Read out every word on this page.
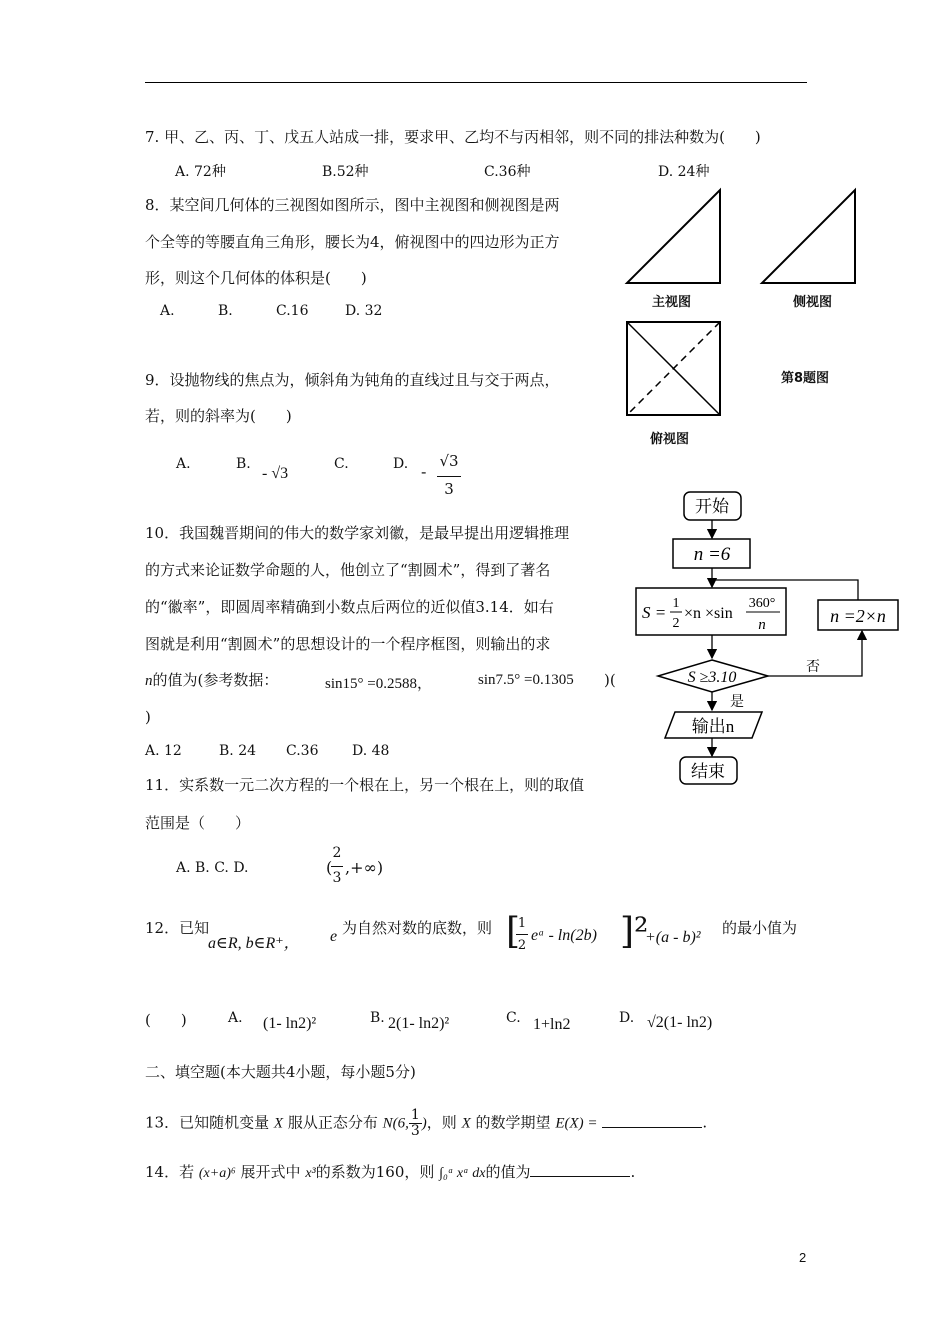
7. 甲、乙、丙、丁、戊五人站成一排，要求甲、乙均不与丙相邻，则不同的排法种数为(　　)
A. 72种	B.52种	C.36种	D. 24种
8．某空间几何体的三视图如图所示，图中主视图和侧视图是两
个全等的等腰直角三角形，腰长为4，俯视图中的四边形为正方
形，则这个几何体的体积是(　　)
A.	B.	C.16	D. 32
主视图	侧视图
第8题图
俯视图
9．设抛物线的焦点为，倾斜角为钝角的直线过且与交于两点，
若，则的斜率为(　　)
A.	B.
- √3
C.	D. -
√3
3
10．我国魏晋期间的伟大的数学家刘徽，是最早提出用逻辑推理
的方式来论证数学命题的人，他创立了“割圆术”，得到了著名
的“徽率”，即圆周率精确到小数点后两位的近似值3.14．如右
图就是利用“割圆术”的思想设计的一个程序框图，则输出的求
n的值为(参考数据：	sin15° =0.2588，	sin7.5° =0.1305 )(
)
A. 12	B. 24 C.36 D. 48
开始
n =6
S = 1
2
×n ×sin
360°
n
S ≥3.10
否
n =2×n
是
输出n
结束
11．实系数一元二次方程的一个根在上，另一个根在上，则的取值
范围是（　　）
A. B. C. D.	(
2
3
,+∞)
12．已知
a∈R, b∈R⁺， e 为自然对数的底数，则 [
1
2
eᵃ - ln(2b) ]²
+(a - b)²
的最小值为
(　　)	A. (1- ln2)²	B. 2(1- ln2)²	C. 1+ln2	D. √2(1- ln2)
二、填空题(本大题共4小题，每小题5分)
13．已知随机变量 X 服从正态分布 N(6, $\frac{1}{3}$ )，则 X 的数学期望 E(X) =	.
14．若 (x+a)⁶ 展开式中 x³的系数为160，则 ∫₀ᵃ xᵃ dx的值为	.
2
